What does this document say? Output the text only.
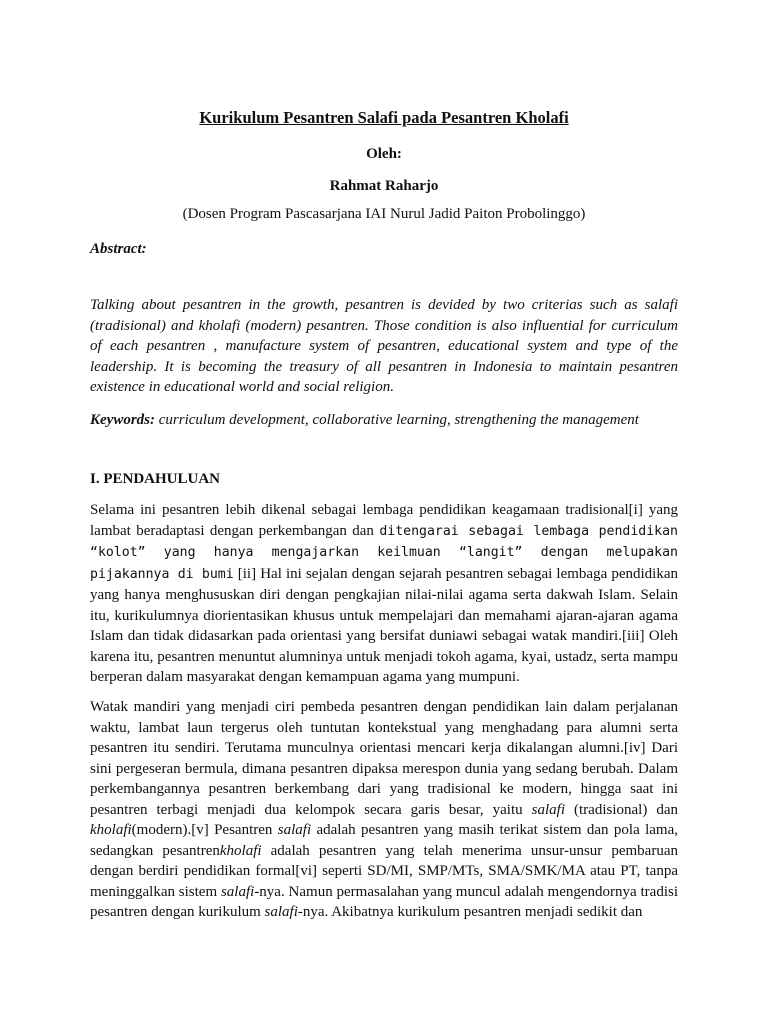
Kurikulum Pesantren Salafi pada Pesantren Kholafi
Oleh:
Rahmat Raharjo
(Dosen Program Pascasarjana IAI Nurul Jadid Paiton Probolinggo)
Abstract:

Talking about pesantren in the growth, pesantren is devided by two criterias such as salafi (tradisional) and kholafi (modern) pesantren. Those condition is also influential for curriculum of each pesantren , manufacture system of pesantren, educational system and type of the leadership. It is becoming the treasury of all pesantren in Indonesia to maintain pesantren existence in educational world and social religion.

Keywords: curriculum development, collaborative learning, strengthening the management
I. PENDAHULUAN

Selama ini pesantren lebih dikenal sebagai lembaga pendidikan keagamaan tradisional[i] yang lambat beradaptasi dengan perkembangan dan ditengarai sebagai lembaga pendidikan “kolot” yang hanya mengajarkan keilmuan “langit” dengan melupakan pijakannya di bumi [ii] Hal ini sejalan dengan sejarah pesantren sebagai lembaga pendidikan yang hanya menghususkan diri dengan pengkajian nilai-nilai agama serta dakwah Islam. Selain itu, kurikulumnya diorientasikan khusus untuk mempelajari dan memahami ajaran-ajaran agama Islam dan tidak didasarkan pada orientasi yang bersifat duniawi sebagai watak mandiri.[iii] Oleh karena itu, pesantren menuntut alumninya untuk menjadi tokoh agama, kyai, ustadz, serta mampu berperan dalam masyarakat dengan kemampuan agama yang mumpuni.

Watak mandiri yang menjadi ciri pembeda pesantren dengan pendidikan lain dalam perjalanan waktu, lambat laun tergerus oleh tuntutan kontekstual yang menghadang para alumni serta pesantren itu sendiri. Terutama munculnya orientasi mencari kerja dikalangan alumni.[iv] Dari sini pergeseran bermula, dimana pesantren dipaksa merespon dunia yang sedang berubah. Dalam perkembangannya pesantren berkembang dari yang tradisional ke modern, hingga saat ini pesantren terbagi menjadi dua kelompok secara garis besar, yaitu salafi (tradisional) dan kholafi(modern).[v] Pesantren salafi adalah pesantren yang masih terikat sistem dan pola lama, sedangkan pesantrenkholafi adalah pesantren yang telah menerima unsur-unsur pembaruan dengan berdiri pendidikan formal[vi] seperti SD/MI, SMP/MTs, SMA/SMK/MA atau PT, tanpa meninggalkan sistem salafi-nya. Namun permasalahan yang muncul adalah mengendornya tradisi pesantren dengan kurikulum salafi-nya. Akibatnya kurikulum pesantren menjadi sedikit dan
